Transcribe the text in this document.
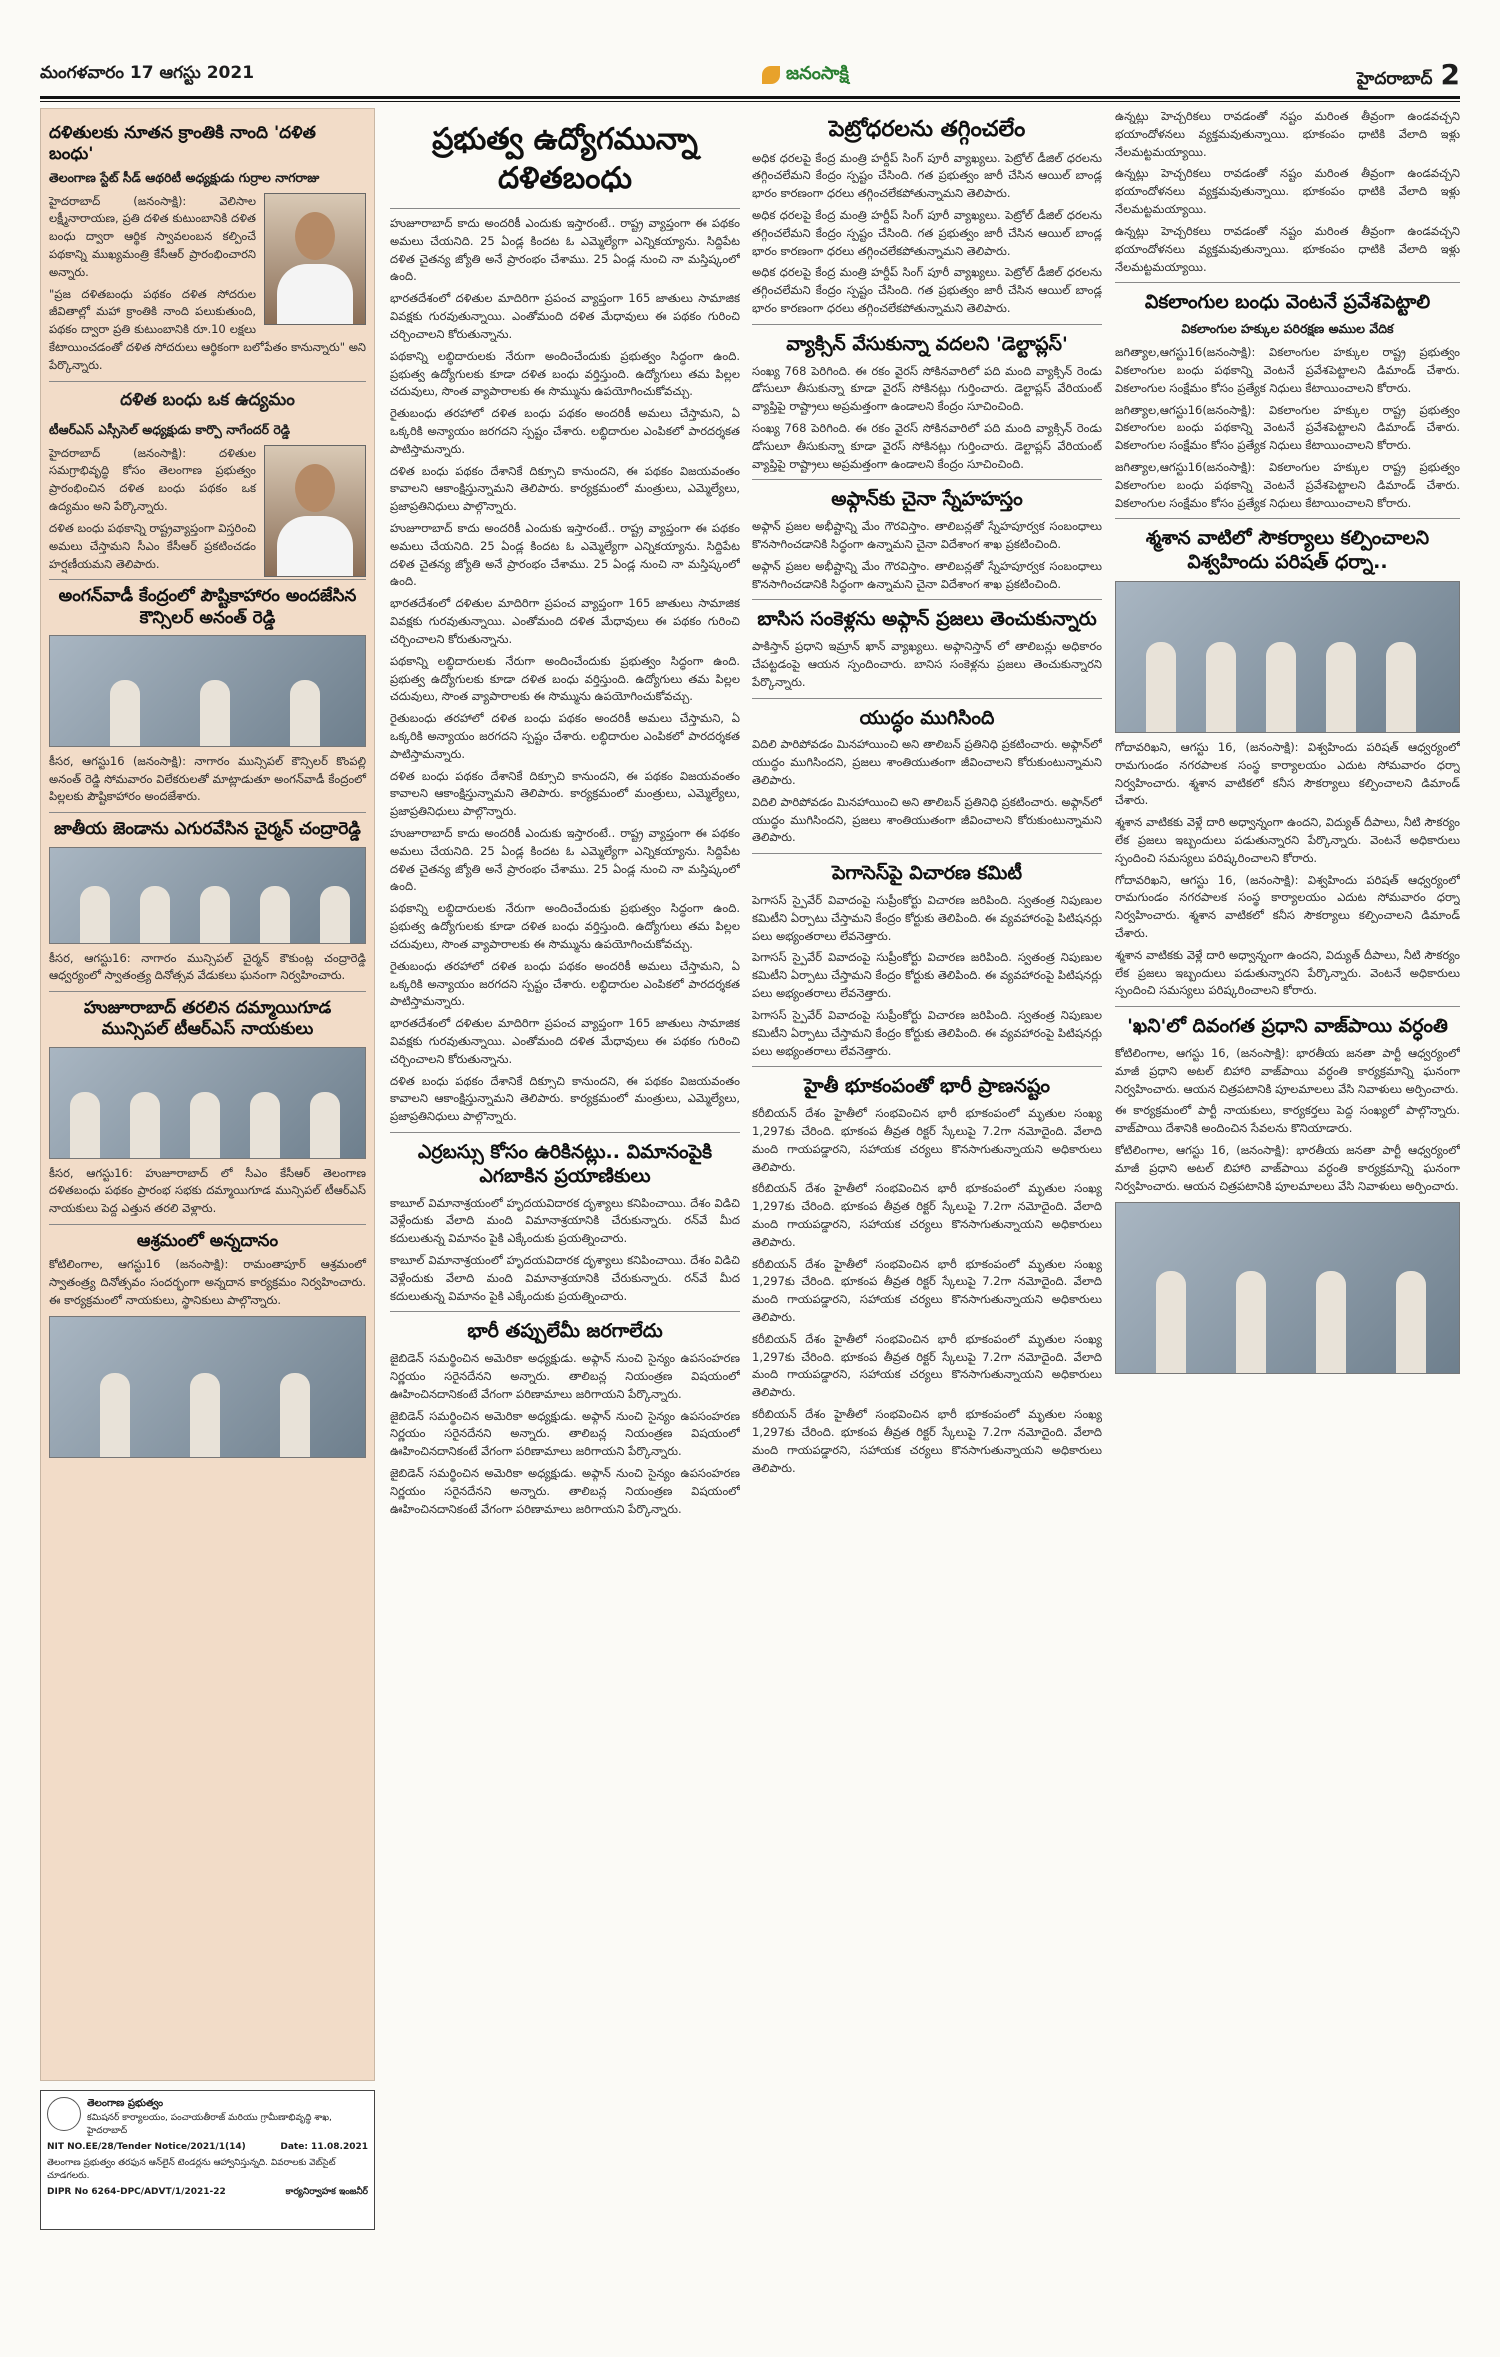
మంగళవారం 17 ఆగస్టు 2021	జనంసాక్షి	హైదరాబాద్ 2
దళితులకు నూతన క్రాంతికి నాంది 'దళిత బంధు'
తెలంగాణ స్టేట్ సీడ్ ఆథరిటీ అధ్యక్షుడు గుర్రాల నాగరాజు

హైదరాబాద్ (జనంసాక్షి): వెలిసాల లక్ష్మీనారాయణ, ప్రతి దళిత కుటుంబానికి దళిత బంధు ద్వారా ఆర్థిక స్వావలంబన కల్పించే పథకాన్ని ముఖ్యమంత్రి కేసీఆర్ ప్రారంభించారని అన్నారు.

"ప్రజ దళితబంధు పథకం దళిత సోదరుల జీవితాల్లో మహా క్రాంతికి నాంది పలుకుతుంది, పథకం ద్వారా ప్రతి కుటుంబానికి రూ.10 లక్షలు కేటాయించడంతో దళిత సోదరులు ఆర్థికంగా బలోపేతం కానున్నారు" అని పేర్కొన్నారు.

దళిత బంధు ఒక ఉద్యమం
టీఆర్ఎస్ ఎస్సీసెల్ అధ్యక్షుడు కార్పొ నాగేందర్ రెడ్డి

హైదరాబాద్ (జనంసాక్షి): దళితుల సమగ్రాభివృద్ధి కోసం తెలంగాణ ప్రభుత్వం ప్రారంభించిన దళిత బంధు పథకం ఒక ఉద్యమం అని పేర్కొన్నారు.

దళిత బంధు పథకాన్ని రాష్ట్రవ్యాప్తంగా విస్తరించి అమలు చేస్తామని సీఎం కేసీఆర్ ప్రకటించడం హర్షణీయమని తెలిపారు.

అంగన్‌వాడీ కేంద్రంలో పౌష్టికాహారం అందజేసిన కౌన్సిలర్ అనంత్ రెడ్డి

కీసర, ఆగస్టు16 (జనంసాక్షి): నాగారం మున్సిపల్ కౌన్సిలర్ కొంపల్లి అనంత్ రెడ్డి సోమవారం విలేకరులతో మాట్లాడుతూ అంగన్‌వాడీ కేంద్రంలో పిల్లలకు పౌష్టికాహారం అందజేశారు.

జాతీయ జెండాను ఎగురవేసిన చైర్మన్ చంద్రారెడ్డి

కీసర, ఆగస్టు16: నాగారం మున్సిపల్ చైర్మన్ కౌకుంట్ల చంద్రారెడ్డి ఆధ్వర్యంలో స్వాతంత్ర్య దినోత్సవ వేడుకలు ఘనంగా నిర్వహించారు.

హుజూరాబాద్ తరలిన దమ్మాయిగూడ మున్సిపల్ టీఆర్ఎస్ నాయకులు

కీసర, ఆగస్టు16: హుజూరాబాద్ లో సీఎం కేసీఆర్ తెలంగాణ దళితబంధు పథకం ప్రారంభ సభకు దమ్మాయిగూడ మున్సిపల్ టీఆర్ఎస్ నాయకులు పెద్ద ఎత్తున తరలి వెళ్లారు.

ఆశ్రమంలో అన్నదానం

కోటిలింగాల, ఆగస్టు16 (జనంసాక్షి): రామంతాపూర్ ఆశ్రమంలో స్వాతంత్ర్య దినోత్సవం సందర్భంగా అన్నదాన కార్యక్రమం నిర్వహించారు. ఈ కార్యక్రమంలో నాయకులు, స్థానికులు పాల్గొన్నారు.

తెలంగాణ ప్రభుత్వం
కమిషనర్ కార్యాలయం, పంచాయతీరాజ్ మరియు గ్రామీణాభివృద్ధి శాఖ, హైదరాబాద్
NIT NO.EE/28/Tender Notice/2021/1(14)	Date: 11.08.2021
తెలంగాణ ప్రభుత్వం తరఫున ఆన్‌లైన్ టెండర్లను ఆహ్వానిస్తున్నది. వివరాలకు వెబ్‌సైట్ చూడగలరు.
DIPR No 6264-DPC/ADVT/1/2021-22	కార్యనిర్వాహక ఇంజనీర్
ప్రభుత్వ ఉద్యోగమున్నా దళితబంధు

హుజూరాబాద్ కాదు అందరికీ ఎందుకు ఇస్తారంటే.. రాష్ట్ర వ్యాప్తంగా ఈ పథకం అమలు చేయనిది. 25 ఏండ్ల కిందట ఓ ఎమ్మెల్యేగా ఎన్నికయ్యాను. సిద్దిపేట దళిత చైతన్య జ్యోతి అనే ప్రారంభం చేశాము. 25 ఏండ్ల నుంచి నా మస్తిష్కంలో ఉంది.

భారతదేశంలో దళితుల మాదిరిగా ప్రపంచ వ్యాప్తంగా 165 జాతులు సామాజిక వివక్షకు గురవుతున్నాయి. ఎంతోమంది దళిత మేధావులు ఈ పథకం గురించి చర్చించాలని కోరుతున్నాను.

పథకాన్ని లబ్ధిదారులకు నేరుగా అందించేందుకు ప్రభుత్వం సిద్ధంగా ఉంది. ప్రభుత్వ ఉద్యోగులకు కూడా దళిత బంధు వర్తిస్తుంది. ఉద్యోగులు తమ పిల్లల చదువులు, సొంత వ్యాపారాలకు ఈ సొమ్మును ఉపయోగించుకోవచ్చు.

రైతుబంధు తరహాలో దళిత బంధు పథకం అందరికీ అమలు చేస్తామని, ఏ ఒక్కరికి అన్యాయం జరగదని స్పష్టం చేశారు. లబ్ధిదారుల ఎంపికలో పారదర్శకత పాటిస్తామన్నారు.

దళిత బంధు పథకం దేశానికే దిక్సూచి కానుందని, ఈ పథకం విజయవంతం కావాలని ఆకాంక్షిస్తున్నామని తెలిపారు. కార్యక్రమంలో మంత్రులు, ఎమ్మెల్యేలు, ప్రజాప్రతినిధులు పాల్గొన్నారు.

హుజూరాబాద్ కాదు అందరికీ ఎందుకు ఇస్తారంటే.. రాష్ట్ర వ్యాప్తంగా ఈ పథకం అమలు చేయనిది. 25 ఏండ్ల కిందట ఓ ఎమ్మెల్యేగా ఎన్నికయ్యాను. సిద్దిపేట దళిత చైతన్య జ్యోతి అనే ప్రారంభం చేశాము. 25 ఏండ్ల నుంచి నా మస్తిష్కంలో ఉంది.

భారతదేశంలో దళితుల మాదిరిగా ప్రపంచ వ్యాప్తంగా 165 జాతులు సామాజిక వివక్షకు గురవుతున్నాయి. ఎంతోమంది దళిత మేధావులు ఈ పథకం గురించి చర్చించాలని కోరుతున్నాను.

పథకాన్ని లబ్ధిదారులకు నేరుగా అందించేందుకు ప్రభుత్వం సిద్ధంగా ఉంది. ప్రభుత్వ ఉద్యోగులకు కూడా దళిత బంధు వర్తిస్తుంది. ఉద్యోగులు తమ పిల్లల చదువులు, సొంత వ్యాపారాలకు ఈ సొమ్మును ఉపయోగించుకోవచ్చు.

రైతుబంధు తరహాలో దళిత బంధు పథకం అందరికీ అమలు చేస్తామని, ఏ ఒక్కరికి అన్యాయం జరగదని స్పష్టం చేశారు. లబ్ధిదారుల ఎంపికలో పారదర్శకత పాటిస్తామన్నారు.

దళిత బంధు పథకం దేశానికే దిక్సూచి కానుందని, ఈ పథకం విజయవంతం కావాలని ఆకాంక్షిస్తున్నామని తెలిపారు. కార్యక్రమంలో మంత్రులు, ఎమ్మెల్యేలు, ప్రజాప్రతినిధులు పాల్గొన్నారు.

హుజూరాబాద్ కాదు అందరికీ ఎందుకు ఇస్తారంటే.. రాష్ట్ర వ్యాప్తంగా ఈ పథకం అమలు చేయనిది. 25 ఏండ్ల కిందట ఓ ఎమ్మెల్యేగా ఎన్నికయ్యాను. సిద్దిపేట దళిత చైతన్య జ్యోతి అనే ప్రారంభం చేశాము. 25 ఏండ్ల నుంచి నా మస్తిష్కంలో ఉంది.

పథకాన్ని లబ్ధిదారులకు నేరుగా అందించేందుకు ప్రభుత్వం సిద్ధంగా ఉంది. ప్రభుత్వ ఉద్యోగులకు కూడా దళిత బంధు వర్తిస్తుంది. ఉద్యోగులు తమ పిల్లల చదువులు, సొంత వ్యాపారాలకు ఈ సొమ్మును ఉపయోగించుకోవచ్చు.

రైతుబంధు తరహాలో దళిత బంధు పథకం అందరికీ అమలు చేస్తామని, ఏ ఒక్కరికి అన్యాయం జరగదని స్పష్టం చేశారు. లబ్ధిదారుల ఎంపికలో పారదర్శకత పాటిస్తామన్నారు.

భారతదేశంలో దళితుల మాదిరిగా ప్రపంచ వ్యాప్తంగా 165 జాతులు సామాజిక వివక్షకు గురవుతున్నాయి. ఎంతోమంది దళిత మేధావులు ఈ పథకం గురించి చర్చించాలని కోరుతున్నాను.

దళిత బంధు పథకం దేశానికే దిక్సూచి కానుందని, ఈ పథకం విజయవంతం కావాలని ఆకాంక్షిస్తున్నామని తెలిపారు. కార్యక్రమంలో మంత్రులు, ఎమ్మెల్యేలు, ప్రజాప్రతినిధులు పాల్గొన్నారు.

ఎర్రబస్సు కోసం ఉరికినట్లు.. విమానంపైకి ఎగబాకిన ప్రయాణికులు

కాబూల్ విమానాశ్రయంలో హృదయవిదారక దృశ్యాలు కనిపించాయి. దేశం విడిచి వెళ్లేందుకు వేలాది మంది విమానాశ్రయానికి చేరుకున్నారు. రన్‌వే మీద కదులుతున్న విమానం పైకి ఎక్కేందుకు ప్రయత్నించారు.

కాబూల్ విమానాశ్రయంలో హృదయవిదారక దృశ్యాలు కనిపించాయి. దేశం విడిచి వెళ్లేందుకు వేలాది మంది విమానాశ్రయానికి చేరుకున్నారు. రన్‌వే మీద కదులుతున్న విమానం పైకి ఎక్కేందుకు ప్రయత్నించారు.

భారీ తప్పులేమీ జరగాలేదు

జైబిడెన్ సమర్థించిన అమెరికా అధ్యక్షుడు. అఫ్గాన్ నుంచి సైన్యం ఉపసంహరణ నిర్ణయం సరైనదేనని అన్నారు. తాలిబన్ల నియంత్రణ విషయంలో ఊహించినదానికంటే వేగంగా పరిణామాలు జరిగాయని పేర్కొన్నారు.

జైబిడెన్ సమర్థించిన అమెరికా అధ్యక్షుడు. అఫ్గాన్ నుంచి సైన్యం ఉపసంహరణ నిర్ణయం సరైనదేనని అన్నారు. తాలిబన్ల నియంత్రణ విషయంలో ఊహించినదానికంటే వేగంగా పరిణామాలు జరిగాయని పేర్కొన్నారు.

జైబిడెన్ సమర్థించిన అమెరికా అధ్యక్షుడు. అఫ్గాన్ నుంచి సైన్యం ఉపసంహరణ నిర్ణయం సరైనదేనని అన్నారు. తాలిబన్ల నియంత్రణ విషయంలో ఊహించినదానికంటే వేగంగా పరిణామాలు జరిగాయని పేర్కొన్నారు.

పెట్రోధరలను తగ్గించలేం

అధిక ధరలపై కేంద్ర మంత్రి హర్దీప్ సింగ్ పూరీ వ్యాఖ్యలు. పెట్రోల్ డీజిల్ ధరలను తగ్గించలేమని కేంద్రం స్పష్టం చేసింది. గత ప్రభుత్వం జారీ చేసిన ఆయిల్ బాండ్ల భారం కారణంగా ధరలు తగ్గించలేకపోతున్నామని తెలిపారు.

అధిక ధరలపై కేంద్ర మంత్రి హర్దీప్ సింగ్ పూరీ వ్యాఖ్యలు. పెట్రోల్ డీజిల్ ధరలను తగ్గించలేమని కేంద్రం స్పష్టం చేసింది. గత ప్రభుత్వం జారీ చేసిన ఆయిల్ బాండ్ల భారం కారణంగా ధరలు తగ్గించలేకపోతున్నామని తెలిపారు.

అధిక ధరలపై కేంద్ర మంత్రి హర్దీప్ సింగ్ పూరీ వ్యాఖ్యలు. పెట్రోల్ డీజిల్ ధరలను తగ్గించలేమని కేంద్రం స్పష్టం చేసింది. గత ప్రభుత్వం జారీ చేసిన ఆయిల్ బాండ్ల భారం కారణంగా ధరలు తగ్గించలేకపోతున్నామని తెలిపారు.

వ్యాక్సిన్ వేసుకున్నా వదలని 'డెల్టాప్లస్'

సంఖ్య 768 పెరిగింది. ఈ రకం వైరస్ సోకినవారిలో పది మంది వ్యాక్సిన్ రెండు డోసులూ తీసుకున్నా కూడా వైరస్ సోకినట్లు గుర్తించారు. డెల్టాప్లస్ వేరియంట్ వ్యాప్తిపై రాష్ట్రాలు అప్రమత్తంగా ఉండాలని కేంద్రం సూచించింది.

సంఖ్య 768 పెరిగింది. ఈ రకం వైరస్ సోకినవారిలో పది మంది వ్యాక్సిన్ రెండు డోసులూ తీసుకున్నా కూడా వైరస్ సోకినట్లు గుర్తించారు. డెల్టాప్లస్ వేరియంట్ వ్యాప్తిపై రాష్ట్రాలు అప్రమత్తంగా ఉండాలని కేంద్రం సూచించింది.

అఫ్గాన్‌కు చైనా స్నేహహస్తం

అఫ్గాన్ ప్రజల అభీష్టాన్ని మేం గౌరవిస్తాం. తాలిబన్లతో స్నేహపూర్వక సంబంధాలు కొనసాగించడానికి సిద్ధంగా ఉన్నామని చైనా విదేశాంగ శాఖ ప్రకటించింది.

అఫ్గాన్ ప్రజల అభీష్టాన్ని మేం గౌరవిస్తాం. తాలిబన్లతో స్నేహపూర్వక సంబంధాలు కొనసాగించడానికి సిద్ధంగా ఉన్నామని చైనా విదేశాంగ శాఖ ప్రకటించింది.

బాసిస సంకెళ్లను అఫ్గాన్ ప్రజలు తెంచుకున్నారు

పాకిస్తాన్ ప్రధాని ఇమ్రాన్ ఖాన్ వ్యాఖ్యలు. అఫ్గానిస్తాన్ లో తాలిబన్లు అధికారం చేపట్టడంపై ఆయన స్పందించారు. బానిస సంకెళ్లను ప్రజలు తెంచుకున్నారని పేర్కొన్నారు.

యుద్ధం ముగిసింది

విదిలి పారిపోవడం మినహాయించి అని తాలిబన్ ప్రతినిధి ప్రకటించారు. అఫ్గాన్‌లో యుద్ధం ముగిసిందని, ప్రజలు శాంతియుతంగా జీవించాలని కోరుకుంటున్నామని తెలిపారు.

విదిలి పారిపోవడం మినహాయించి అని తాలిబన్ ప్రతినిధి ప్రకటించారు. అఫ్గాన్‌లో యుద్ధం ముగిసిందని, ప్రజలు శాంతియుతంగా జీవించాలని కోరుకుంటున్నామని తెలిపారు.

పెగాసెస్‌పై విచారణ కమిటీ

పెగాసస్ స్పైవేర్ వివాదంపై సుప్రీంకోర్టు విచారణ జరిపింది. స్వతంత్ర నిపుణుల కమిటీని ఏర్పాటు చేస్తామని కేంద్రం కోర్టుకు తెలిపింది. ఈ వ్యవహారంపై పిటిషనర్లు పలు అభ్యంతరాలు లేవనెత్తారు.

పెగాసస్ స్పైవేర్ వివాదంపై సుప్రీంకోర్టు విచారణ జరిపింది. స్వతంత్ర నిపుణుల కమిటీని ఏర్పాటు చేస్తామని కేంద్రం కోర్టుకు తెలిపింది. ఈ వ్యవహారంపై పిటిషనర్లు పలు అభ్యంతరాలు లేవనెత్తారు.

పెగాసస్ స్పైవేర్ వివాదంపై సుప్రీంకోర్టు విచారణ జరిపింది. స్వతంత్ర నిపుణుల కమిటీని ఏర్పాటు చేస్తామని కేంద్రం కోర్టుకు తెలిపింది. ఈ వ్యవహారంపై పిటిషనర్లు పలు అభ్యంతరాలు లేవనెత్తారు.

హైతీ భూకంపంతో భారీ ప్రాణనష్టం

కరీబియన్ దేశం హైతీలో సంభవించిన భారీ భూకంపంలో మృతుల సంఖ్య 1,297కు చేరింది. భూకంప తీవ్రత రిక్టర్ స్కేలుపై 7.2గా నమోదైంది. వేలాది మంది గాయపడ్డారని, సహాయక చర్యలు కొనసాగుతున్నాయని అధికారులు తెలిపారు.

కరీబియన్ దేశం హైతీలో సంభవించిన భారీ భూకంపంలో మృతుల సంఖ్య 1,297కు చేరింది. భూకంప తీవ్రత రిక్టర్ స్కేలుపై 7.2గా నమోదైంది. వేలాది మంది గాయపడ్డారని, సహాయక చర్యలు కొనసాగుతున్నాయని అధికారులు తెలిపారు.

కరీబియన్ దేశం హైతీలో సంభవించిన భారీ భూకంపంలో మృతుల సంఖ్య 1,297కు చేరింది. భూకంప తీవ్రత రిక్టర్ స్కేలుపై 7.2గా నమోదైంది. వేలాది మంది గాయపడ్డారని, సహాయక చర్యలు కొనసాగుతున్నాయని అధికారులు తెలిపారు.

కరీబియన్ దేశం హైతీలో సంభవించిన భారీ భూకంపంలో మృతుల సంఖ్య 1,297కు చేరింది. భూకంప తీవ్రత రిక్టర్ స్కేలుపై 7.2గా నమోదైంది. వేలాది మంది గాయపడ్డారని, సహాయక చర్యలు కొనసాగుతున్నాయని అధికారులు తెలిపారు.

కరీబియన్ దేశం హైతీలో సంభవించిన భారీ భూకంపంలో మృతుల సంఖ్య 1,297కు చేరింది. భూకంప తీవ్రత రిక్టర్ స్కేలుపై 7.2గా నమోదైంది. వేలాది మంది గాయపడ్డారని, సహాయక చర్యలు కొనసాగుతున్నాయని అధికారులు తెలిపారు.

ఉన్నట్లు హెచ్చరికలు రావడంతో నష్టం మరింత తీవ్రంగా ఉండవచ్చని భయాందోళనలు వ్యక్తమవుతున్నాయి. భూకంపం ధాటికి వేలాది ఇళ్లు నేలమట్టమయ్యాయి.

ఉన్నట్లు హెచ్చరికలు రావడంతో నష్టం మరింత తీవ్రంగా ఉండవచ్చని భయాందోళనలు వ్యక్తమవుతున్నాయి. భూకంపం ధాటికి వేలాది ఇళ్లు నేలమట్టమయ్యాయి.

ఉన్నట్లు హెచ్చరికలు రావడంతో నష్టం మరింత తీవ్రంగా ఉండవచ్చని భయాందోళనలు వ్యక్తమవుతున్నాయి. భూకంపం ధాటికి వేలాది ఇళ్లు నేలమట్టమయ్యాయి.

వికలాంగుల బంధు వెంటనే ప్రవేశపెట్టాలి
వికలాంగుల హక్కుల పరిరక్షణ అముల వేదిక

జగిత్యాల,ఆగస్టు16(జనంసాక్షి): వికలాంగుల హక్కుల రాష్ట్ర ప్రభుత్వం వికలాంగుల బంధు పథకాన్ని వెంటనే ప్రవేశపెట్టాలని డిమాండ్ చేశారు. వికలాంగుల సంక్షేమం కోసం ప్రత్యేక నిధులు కేటాయించాలని కోరారు.

జగిత్యాల,ఆగస్టు16(జనంసాక్షి): వికలాంగుల హక్కుల రాష్ట్ర ప్రభుత్వం వికలాంగుల బంధు పథకాన్ని వెంటనే ప్రవేశపెట్టాలని డిమాండ్ చేశారు. వికలాంగుల సంక్షేమం కోసం ప్రత్యేక నిధులు కేటాయించాలని కోరారు.

జగిత్యాల,ఆగస్టు16(జనంసాక్షి): వికలాంగుల హక్కుల రాష్ట్ర ప్రభుత్వం వికలాంగుల బంధు పథకాన్ని వెంటనే ప్రవేశపెట్టాలని డిమాండ్ చేశారు. వికలాంగుల సంక్షేమం కోసం ప్రత్యేక నిధులు కేటాయించాలని కోరారు.

శ్మశాన వాటిలో సౌకర్యాలు కల్పించాలని విశ్వహిందు పరిషత్ ధర్నా..

గోదావరిఖని, ఆగస్టు 16, (జనంసాక్షి): విశ్వహిందు పరిషత్ ఆధ్వర్యంలో రామగుండం నగరపాలక సంస్థ కార్యాలయం ఎదుట సోమవారం ధర్నా నిర్వహించారు. శ్మశాన వాటికలో కనీస సౌకర్యాలు కల్పించాలని డిమాండ్ చేశారు.

శ్మశాన వాటికకు వెళ్లే దారి అధ్వాన్నంగా ఉందని, విద్యుత్ దీపాలు, నీటి సౌకర్యం లేక ప్రజలు ఇబ్బందులు పడుతున్నారని పేర్కొన్నారు. వెంటనే అధికారులు స్పందించి సమస్యలు పరిష్కరించాలని కోరారు.

గోదావరిఖని, ఆగస్టు 16, (జనంసాక్షి): విశ్వహిందు పరిషత్ ఆధ్వర్యంలో రామగుండం నగరపాలక సంస్థ కార్యాలయం ఎదుట సోమవారం ధర్నా నిర్వహించారు. శ్మశాన వాటికలో కనీస సౌకర్యాలు కల్పించాలని డిమాండ్ చేశారు.

శ్మశాన వాటికకు వెళ్లే దారి అధ్వాన్నంగా ఉందని, విద్యుత్ దీపాలు, నీటి సౌకర్యం లేక ప్రజలు ఇబ్బందులు పడుతున్నారని పేర్కొన్నారు. వెంటనే అధికారులు స్పందించి సమస్యలు పరిష్కరించాలని కోరారు.

'ఖని'లో దివంగత ప్రధాని వాజ్‌పాయి వర్ధంతి

కోటిలింగాల, ఆగస్టు 16, (జనంసాక్షి): భారతీయ జనతా పార్టీ ఆధ్వర్యంలో మాజీ ప్రధాని అటల్ బిహారి వాజ్‌పాయి వర్ధంతి కార్యక్రమాన్ని ఘనంగా నిర్వహించారు. ఆయన చిత్రపటానికి పూలమాలలు వేసి నివాళులు అర్పించారు.

ఈ కార్యక్రమంలో పార్టీ నాయకులు, కార్యకర్తలు పెద్ద సంఖ్యలో పాల్గొన్నారు. వాజ్‌పాయి దేశానికి అందించిన సేవలను కొనియాడారు.

కోటిలింగాల, ఆగస్టు 16, (జనంసాక్షి): భారతీయ జనతా పార్టీ ఆధ్వర్యంలో మాజీ ప్రధాని అటల్ బిహారి వాజ్‌పాయి వర్ధంతి కార్యక్రమాన్ని ఘనంగా నిర్వహించారు. ఆయన చిత్రపటానికి పూలమాలలు వేసి నివాళులు అర్పించారు.
